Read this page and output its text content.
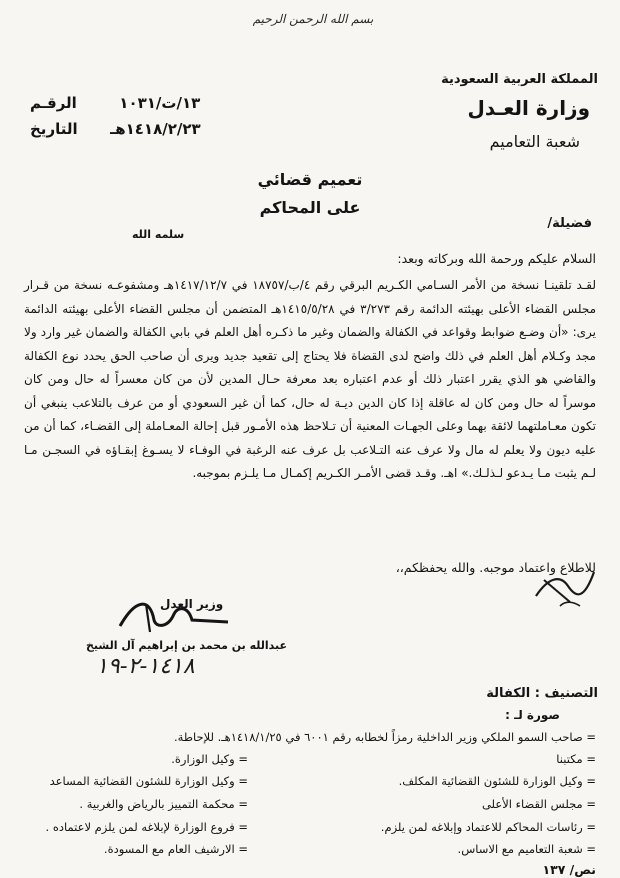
بسم الله الرحمن الرحيم
المملكة العربية السعودية
وزارة العـدل
شعبة التعاميم
١٣/ت/١٠٣١  الرقـم
١٤١٨/٢/٢٣هـ  التاريخ
تعميم قضائي
على المحاكم
فضيلة/
سلمه الله
السلام عليكم ورحمة الله وبركاته وبعد:
لقـد تلقينـا نسخة من الأمر السـامي الكـريم البرقي رقم ٤/ب/١٨٧٥٧ في ١٤١٧/١٢/٧هـ ومشفوعـه نسخة من قـرار مجلس القضاء الأعلى بهيئته الدائمة رقم ٣/٢٧٣ في ١٤١٥/٥/٢٨هـ المتضمن أن مجلس القضاء الأعلى بهيئته الدائمة يرى: «أن وضـع ضوابط وقواعد في الكفالة والضمان وغير ما ذكـره أهل العلم في بابي الكفالة والضمان غير وارد ولا مجد وكـلام أهل العلم في ذلك واضح لدى القضاة فلا يحتاج إلى تقعيد جديد ويرى أن صاحب الحق يحدد نوع الكفالة والقاضي هو الذي يقرر اعتبار ذلك أو عدم اعتباره بعد معرفة حـال المدين لأن من كان معسراً له حال ومن كان موسراً له حال ومن كان له عاقلة إذا كان الدين ديـة له حال، كما أن غير السعودي أو من عرف بالتلاعب ينبغي أن تكون معـاملتهما لائقة بهما وعلى الجهـات المعنية أن تـلاحظ هذه الأمـور قبل إحالة المعـاملة إلى القضـاء، كما أن من عليه ديون ولا يعلم له مال ولا عرف عنه التـلاعب بل عرف عنه الرغبة في الوفـاء لا يسـوغ إبقـاؤه في السجـن مـا لـم يثبت مـا يـدعو لـذلـك.» اهـ. وقـد قضى الأمـر الكـريم إكمـال مـا يلـزم بموجبه.
للاطلاع واعتماد موجبه. والله يحفظكم،،
وزير العدل
عبدالله بن محمد بن إبراهيم آل الشيخ
١٤١٨-٢-١٩
التصنيف : الكفالة
صورة لـ :
= صاحب السمو الملكي وزير الداخلية رمزاً لخطابه رقم ٦٠٠١ في ١٤١٨/١/٢٥هـ. للإحاطة.
= مكتبنا
= وكيل الوزارة للشئون القضائية المكلف.
= مجلس القضاء الأعلى
= رئاسات المحاكم للاعتماد وإبلاغه لمن يلزم.
= شعبة التعاميم مع الاساس.
= وكيل الوزارة.
= وكيل الوزارة للشئون القضائية المساعد
= محكمة التمييز بالرياض والغربية .
= فروع الوزارة لإبلاغه لمن يلزم لاعتماده .
= الارشيف العام مع المسودة.
نص/ ١٣٧
